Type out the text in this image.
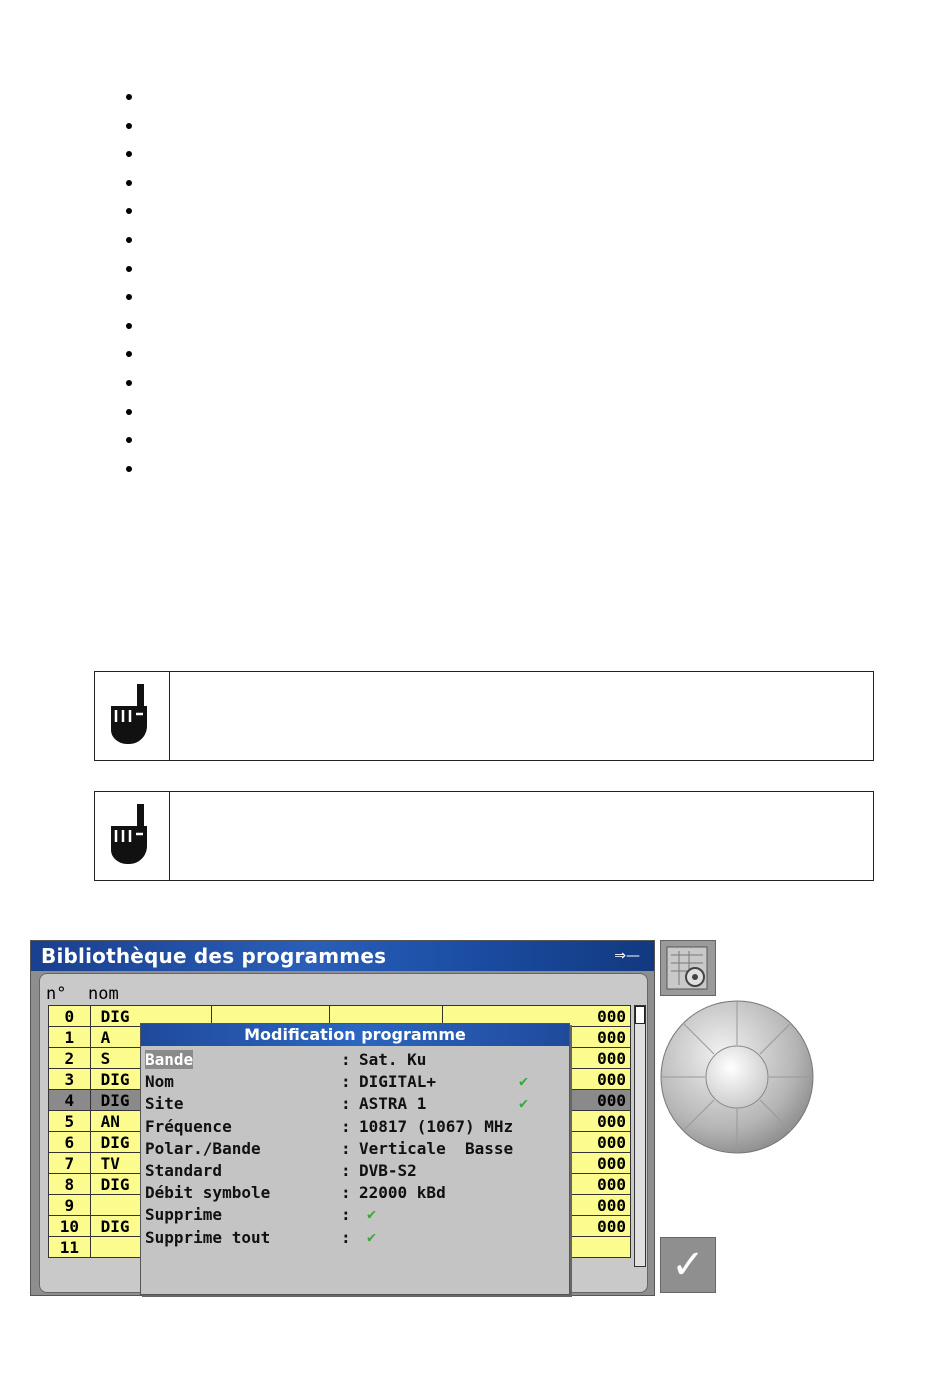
Bibliothèque des programmes	⇒—
n° nom
0	DIG			000
1	A			000
2	S			000
3	DIG			000
4	DIG			000
5	AN			000
6	DIG			000
7	TV			000
8	DIG			000
9				000
10	DIG			000
11				
Modification programme
Bande	: Sat. Ku
Nom	: DIGITAL+	✔
Site	: ASTRA 1	✔
Fréquence	: 10817 (1067) MHz
Polar./Bande	: Verticale  Basse
Standard	: DVB-S2
Débit symbole	: 22000 kBd
Supprime	: ✔
Supprime tout	: ✔
✓
